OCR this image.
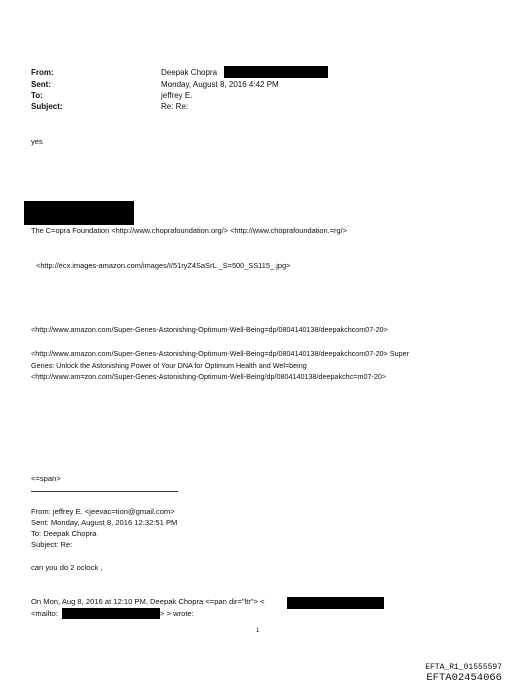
From:	Deepak Chopra
Sent:	Monday, August 8, 2016 4:42 PM
To:	jeffrey E.
Subject:	Re: Re:
yes
The C=opra Foundation <http://www.choprafoundation.org/> <http://www.choprafoundation.=rg/>
<http://ecx.images-amazon.com/images/I/51ryZ4SaSrL._S=500_SS115_.jpg>
<http://www.amazon.com/Super-Genes-Astonishing-Optimum-Well-Being=dp/0804140138/deepakchcom07-20>
<http://www.amazon.com/Super-Genes-Astonishing-Optimum-Well-Being=dp/0804140138/deepakchcom07-20> Super
Genes: Unlock the Astonishing Power of Your DNA for Optimum Health and Wel=being
<http://www.am=zon.com/Super-Genes-Astonishing-Optimum-Well-Being/dp/0804140138/deepakchc=m07-20>
<=span>
From: jeffrey E. <jeevac=tion@gmail.com>
Sent: Monday, August 8, 2016 12:32:51 PM
To: Deepak Chopra
Subject: Re:
can you do 2 oclock ,
On Mon, Aug 8, 2016 at 12:10 PM, Deepak Chopra <=pan dir="ltr"> <
<mailto:	> > wrote:
1
EFTA_R1_01555597
EFTA02454066
